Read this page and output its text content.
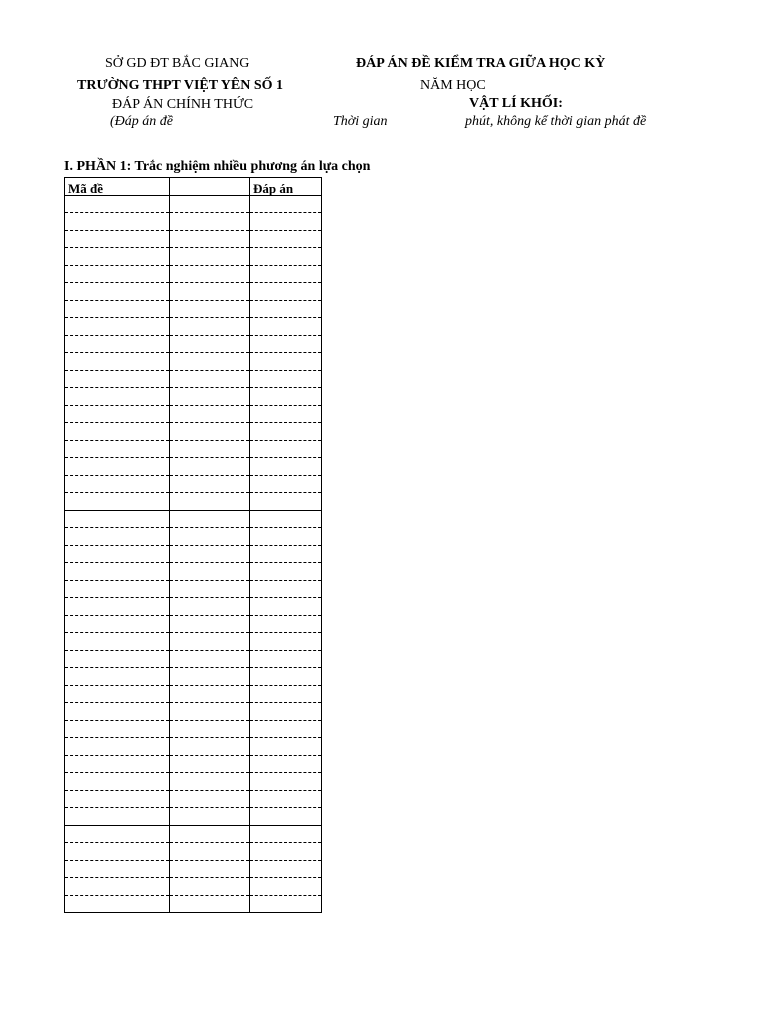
SỞ GD ĐT BẮC GIANG
TRƯỜNG THPT VIỆT YÊN SỐ 1
ĐÁP ÁN CHÍNH THỨC
(Đáp án đề
ĐÁP ÁN ĐỀ KIỂM TRA GIỮA HỌC KỲ
NĂM HỌC
VẬT LÍ KHỐI:
Thời gian	phút, không kể thời gian phát đề
I. PHẦN 1: Trắc nghiệm nhiều phương án lựa chọn
Mã đề		Đáp án
